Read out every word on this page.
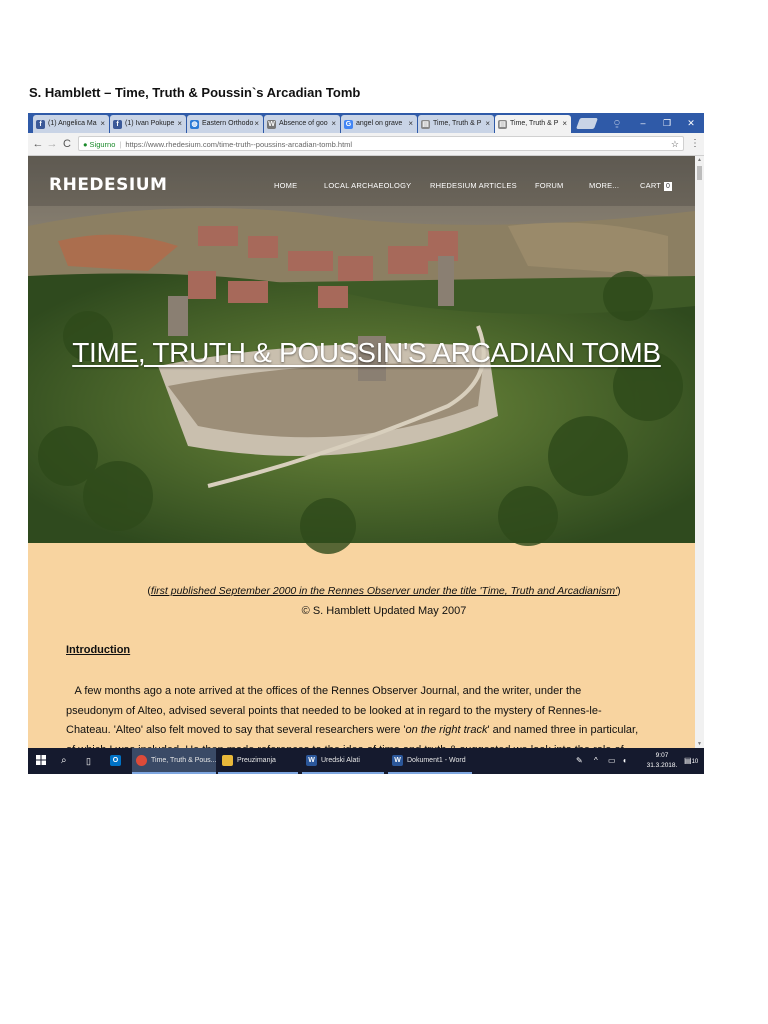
S. Hamblett – Time, Truth & Poussin`s Arcadian Tomb
f (1) Angelica Ma ×	f (1) Ivan Pokupe ×	◍ Eastern Orthodo ×	W Absence of goo ×	G angel on grave ×	▤ Time, Truth & P ×	▤ Time, Truth & P ×	⍜	‒	❐	✕
← → C	● Sigurno | https://www.rhedesium.com/time-truth--poussins-arcadian-tomb.html	☆ ⋮
RHEDESIUM	HOME	LOCAL ARCHAEOLOGY RHEDESIUM ARTICLES FORUM	MORE...	CART 0
TIME, TRUTH & POUSSIN'S ARCADIAN TOMB
(first published September 2000 in the Rennes Observer under the title 'Time, Truth and Arcadianism')
© S. Hamblett Updated May 2007
Introduction

A few months ago a note arrived at the offices of the Rennes Observer Journal, and the writer, under the

pseudonym of Alteo, advised several points that needed to be looked at in regard to the mystery of Rennes-le-

Chateau. 'Alteo' also felt moved to say that several researchers were 'on the right track' and named three in particular,

▲
▼
⌕ ▯	O	Time, Truth & Pous...	Preuzimanja	W Uredski Alati	W Dokument1 - Word	✎ ^ ▭ ◖
9:07
31.3.2018.
▤10
